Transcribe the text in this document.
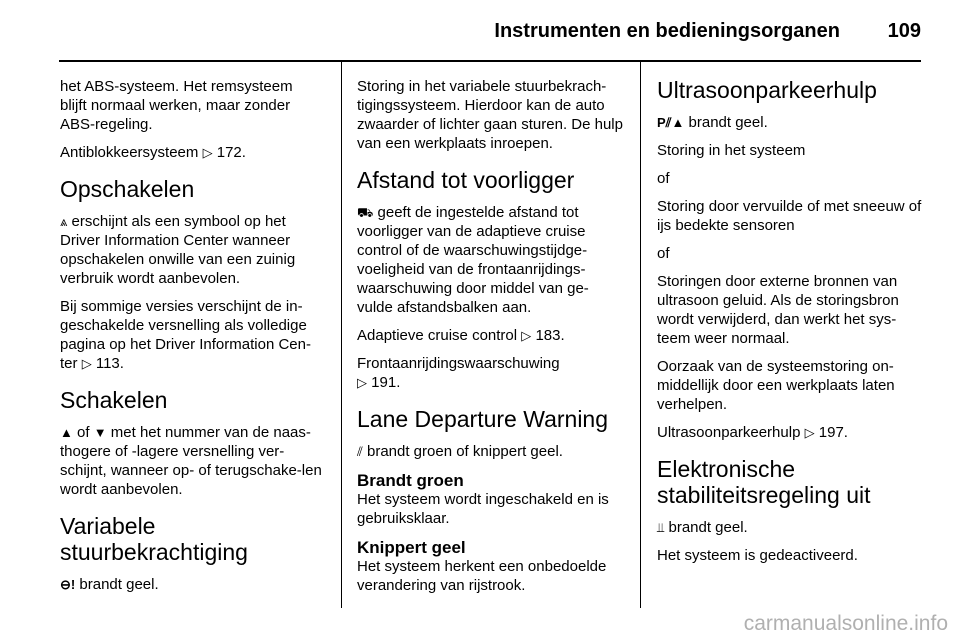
Instrumenten en bedieningsorganen 109

het ABS-systeem. Het remsysteem blijft normaal werken, maar zonder ABS-regeling.

Antiblokkeersysteem ▷ 172.

Opschakelen

⩓ erschijnt als een symbool op het Driver Information Center wanneer opschakelen onwille van een zuinig verbruik wordt aanbevolen.

Bij sommige versies verschijnt de in-geschakelde versnelling als volledige pagina op het Driver Information Cen-ter ▷ 113.

Schakelen

▲ of ▼ met het nummer van de naas-thogere of -lagere versnelling ver-schijnt, wanneer op- of terugschake-len wordt aanbevolen.

Variabele stuurbekrachtiging

⊖! brandt geel.

Storing in het variabele stuurbekrach-tigingssysteem. Hierdoor kan de auto zwaarder of lichter gaan sturen. De hulp van een werkplaats inroepen.

Afstand tot voorligger

⛟ geeft de ingestelde afstand tot voorligger van de adaptieve cruise control of de waarschuwingstijdge-voeligheid van de frontaanrijdings-waarschuwing door middel van ge-vulde afstandsbalken aan.

Adaptieve cruise control ▷ 183.

Frontaanrijdingswaarschuwing
▷ 191.

Lane Departure Warning

⫽ brandt groen of knippert geel.

Brandt groen

Het systeem wordt ingeschakeld en is gebruiksklaar.

Knippert geel

Het systeem herkent een onbedoelde verandering van rijstrook.

Ultrasoonparkeerhulp

P⫽▲ brandt geel.

Storing in het systeem

of

Storing door vervuilde of met sneeuw of ijs bedekte sensoren

of

Storingen door externe bronnen van ultrasoon geluid. Als de storingsbron wordt verwijderd, dan werkt het sys-teem weer normaal.

Oorzaak van de systeemstoring on-middellijk door een werkplaats laten verhelpen.

Ultrasoonparkeerhulp ▷ 197.

Elektronische stabiliteitsregeling uit

⫫ brandt geel.

Het systeem is gedeactiveerd.

carmanualsonline.info
